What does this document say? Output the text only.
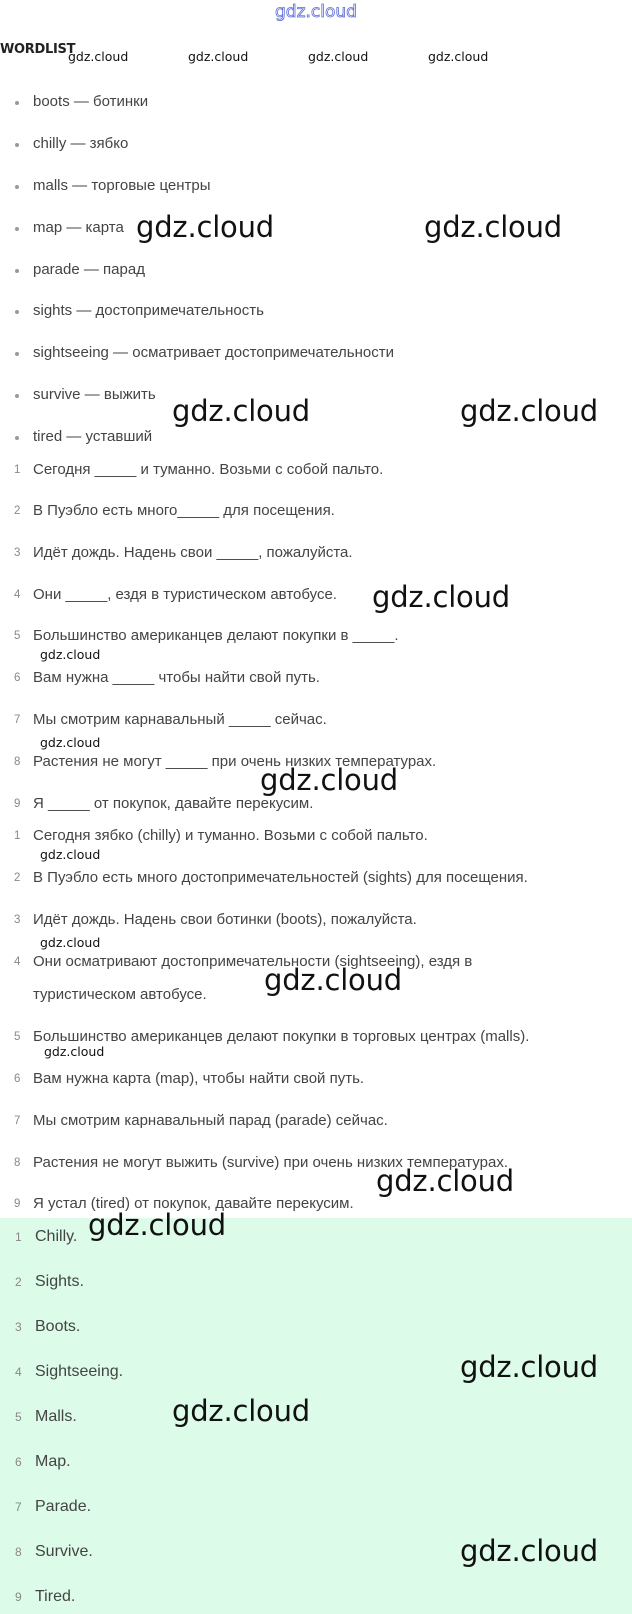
gdz.cloud
WORDLIST
gdz.cloud	gdz.cloud	gdz.cloud	gdz.cloud
boots — ботинки
chilly — зябко
malls — торговые центры
map — карта
parade — парад
sights — достопримечательность
sightseeing — осматривает достопримечательности
survive — выжить
tired — уставший
1 Сегодня _____ и туманно. Возьми с собой пальто.
2 В Пуэбло есть много_____ для посещения.
3 Идёт дождь. Надень свои _____, пожалуйста.
4 Они _____, ездя в туристическом автобусе.
5 Большинство американцев делают покупки в _____.
6 Вам нужна _____ чтобы найти свой путь.
7 Мы смотрим карнавальный _____ сейчас.
8 Растения не могут _____ при очень низких температурах.
9 Я _____ от покупок, давайте перекусим.
1 Сегодня зябко (chilly) и туманно. Возьми с собой пальто.
2 В Пуэбло есть много достопримечательностей (sights) для посещения.
3 Идёт дождь. Надень свои ботинки (boots), пожалуйста.
4 Они осматривают достопримечательности (sightseeing), ездя в
туристическом автобусе.
5 Большинство американцев делают покупки в торговых центрах (malls).
6 Вам нужна карта (map), чтобы найти свой путь.
7 Мы смотрим карнавальный парад (parade) сейчас.
8 Растения не могут выжить (survive) при очень низких температурах.
9 Я устал (tired) от покупок, давайте перекусим.
1 Chilly.
2 Sights.
3 Boots.
4 Sightseeing.
5 Malls.
6 Map.
7 Parade.
8 Survive.
9 Tired.
gdz.cloud	gdz.cloud
gdz.cloud	gdz.cloud
gdz.cloud
gdz.cloud
gdz.cloud
gdz.cloud
gdz.cloud
gdz.cloud
gdz.cloud
gdz.cloud
gdz.cloud
gdz.cloud
gdz.cloud
gdz.cloud
gdz.cloud
